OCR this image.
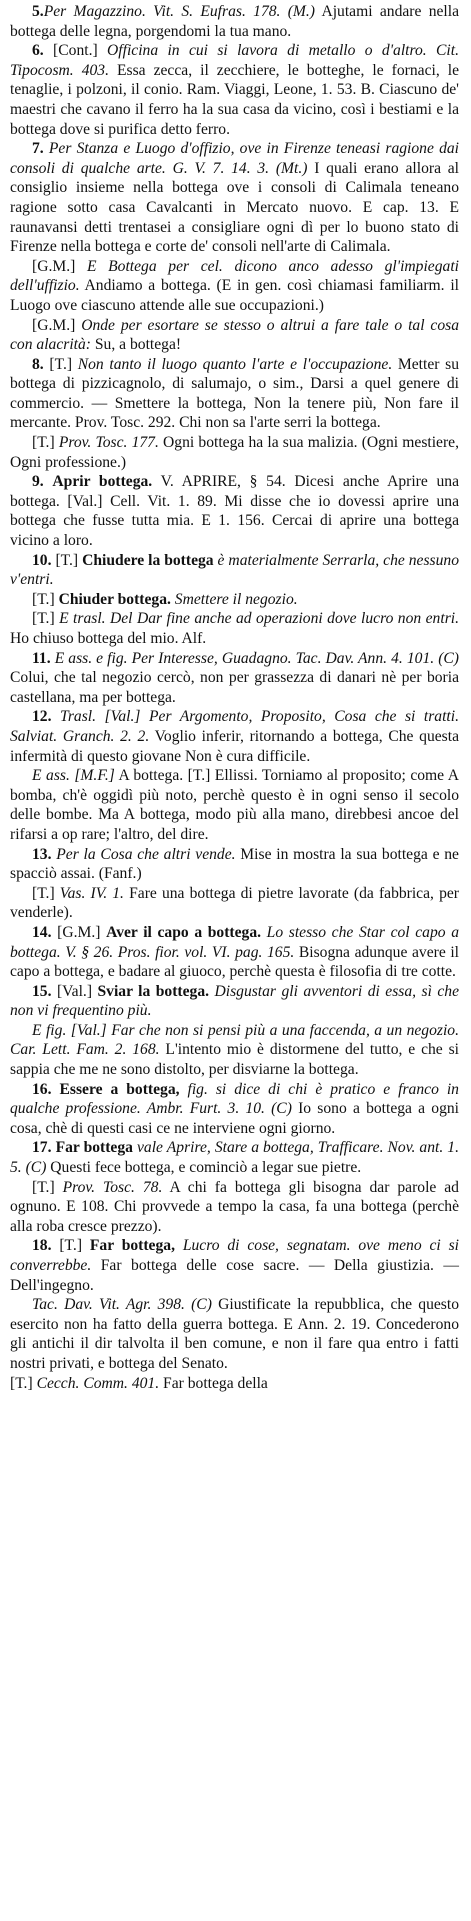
5.Per Magazzino. Vit. S. Eufras. 178. (M.) Ajutami andare nella bottega delle legna, porgendomi la tua mano.

6. [Cont.] Officina in cui si lavora di metallo o d'altro. Cit. Tipocosm. 403. Essa zecca, il zecchiere, le botteghe, le fornaci, le tenaglie, i polzoni, il conio. Ram. Viaggi, Leone, 1. 53. B. Ciascuno de' maestri che cavano il ferro ha la sua casa da vicino, così i bestiami e la bottega dove si purifica detto ferro.

7. Per Stanza e Luogo d'offizio, ove in Firenze teneasi ragione dai consoli di qualche arte. G. V. 7. 14. 3. (Mt.) I quali erano allora al consiglio insieme nella bottega ove i consoli di Calimala teneano ragione sotto casa Cavalcanti in Mercato nuovo. E cap. 13. E raunavansi detti trentasei a consigliare ogni dì per lo buono stato di Firenze nella bottega e corte de' consoli nell'arte di Calimala.

[G.M.] E Bottega per cel. dicono anco adesso gl'impiegati dell'uffizio. Andiamo a bottega. (E in gen. così chiamasi familiarm. il Luogo ove ciascuno attende alle sue occupazioni.)

[G.M.] Onde per esortare se stesso o altrui a fare tale o tal cosa con alacrità: Su, a bottega!

8. [T.] Non tanto il luogo quanto l'arte e l'occupazione. Metter su bottega di pizzicagnolo, di salumajo, o sim., Darsi a quel genere di commercio. — Smettere la bottega, Non la tenere più, Non fare il mercante. Prov. Tosc. 292. Chi non sa l'arte serri la bottega.

[T.] Prov. Tosc. 177. Ogni bottega ha la sua malizia. (Ogni mestiere, Ogni professione.)

9. Aprir bottega. V. APRIRE, § 54. Dicesi anche Aprire una bottega. [Val.] Cell. Vit. 1. 89. Mi disse che io dovessi aprire una bottega che fusse tutta mia. E 1. 156. Cercai di aprire una bottega vicino a loro.

10. [T.] Chiudere la bottega è materialmente Serrarla, che nessuno v'entri.

[T.] Chiuder bottega. Smettere il negozio.

[T.] E trasl. Del Dar fine anche ad operazioni dove lucro non entri. Ho chiuso bottega del mio. Alf.

11. E ass. e fig. Per Interesse, Guadagno. Tac. Dav. Ann. 4. 101. (C) Colui, che tal negozio cercò, non per grassezza di danari nè per boria castellana, ma per bottega.

12. Trasl. [Val.] Per Argomento, Proposito, Cosa che si tratti. Salviat. Granch. 2. 2. Voglio inferir, ritornando a bottega, Che questa infermità di questo giovane Non è cura difficile.

E ass. [M.F.] A bottega. [T.] Ellissi. Torniamo al proposito; come A bomba, ch'è oggidì più noto, perchè questo è in ogni senso il secolo delle bombe. Ma A bottega, modo più alla mano, direbbesi ancoe del rifarsi a op rare; l'altro, del dire.

13. Per la Cosa che altri vende. Mise in mostra la sua bottega e ne spacciò assai. (Fanf.)

[T.] Vas. IV. 1. Fare una bottega di pietre lavorate (da fabbrica, per venderle).

14. [G.M.] Aver il capo a bottega. Lo stesso che Star col capo a bottega. V. § 26. Pros. fior. vol. VI. pag. 165. Bisogna adunque avere il capo a bottega, e badare al giuoco, perchè questa è filosofia di tre cotte.

15. [Val.] Sviar la bottega. Disgustar gli avventori di essa, sì che non vi frequentino più.

E fig. [Val.] Far che non si pensi più a una faccenda, a un negozio. Car. Lett. Fam. 2. 168. L'intento mio è distormene del tutto, e che si sappia che me ne sono distolto, per disviarne la bottega.

16. Essere a bottega, fig. si dice di chi è pratico e franco in qualche professione. Ambr. Furt. 3. 10. (C) Io sono a bottega a ogni cosa, chè di questi casi ce ne interviene ogni giorno.

17. Far bottega vale Aprire, Stare a bottega, Trafficare. Nov. ant. 1. 5. (C) Questi fece bottega, e cominciò a legar sue pietre.

[T.] Prov. Tosc. 78. A chi fa bottega gli bisogna dar parole ad ognuno. E 108. Chi provvede a tempo la casa, fa una bottega (perchè alla roba cresce prezzo).

18. [T.] Far bottega, Lucro di cose, segnatam. ove meno ci si converrebbe. Far bottega delle cose sacre. — Della giustizia. — Dell'ingegno.

Tac. Dav. Vit. Agr. 398. (C) Giustificate la repubblica, che questo esercito non ha fatto della guerra bottega. E Ann. 2. 19. Concederono gli antichi il dir talvolta il ben comune, e non il fare qua entro i fatti nostri privati, e bottega del Senato.

[T.] Cecch. Comm. 401. Far bottega della
